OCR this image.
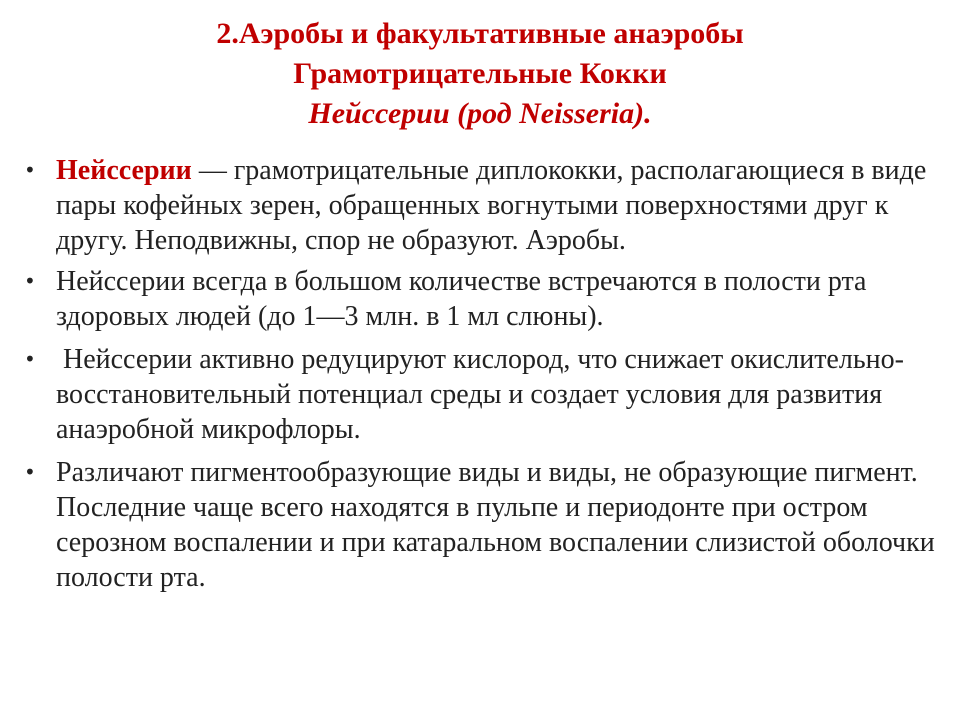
2.Аэробы и факультативные анаэробы
Грамотрицательные Кокки
Нейссерии (род Neisseria).
• Нейссерии — грамотрицательные диплококки, располагающиеся в виде пары кофейных зерен, обращенных вогнутыми поверхностями друг к другу. Неподвижны, спор не образуют. Аэробы.
• Нейссерии всегда в большом количестве встречаются в полости рта здоровых людей (до 1—3 млн. в 1 мл слюны).
• Нейссерии активно редуцируют кислород, что снижает окислительно-восстановительный потенциал среды и создает условия для развития анаэробной микрофлоры.
• Различают пигментообразующие виды и виды, не образующие пигмент. Последние чаще всего находятся в пульпе и периодонте при остром серозном воспалении и при катаральном воспалении слизистой оболочки полости рта.
